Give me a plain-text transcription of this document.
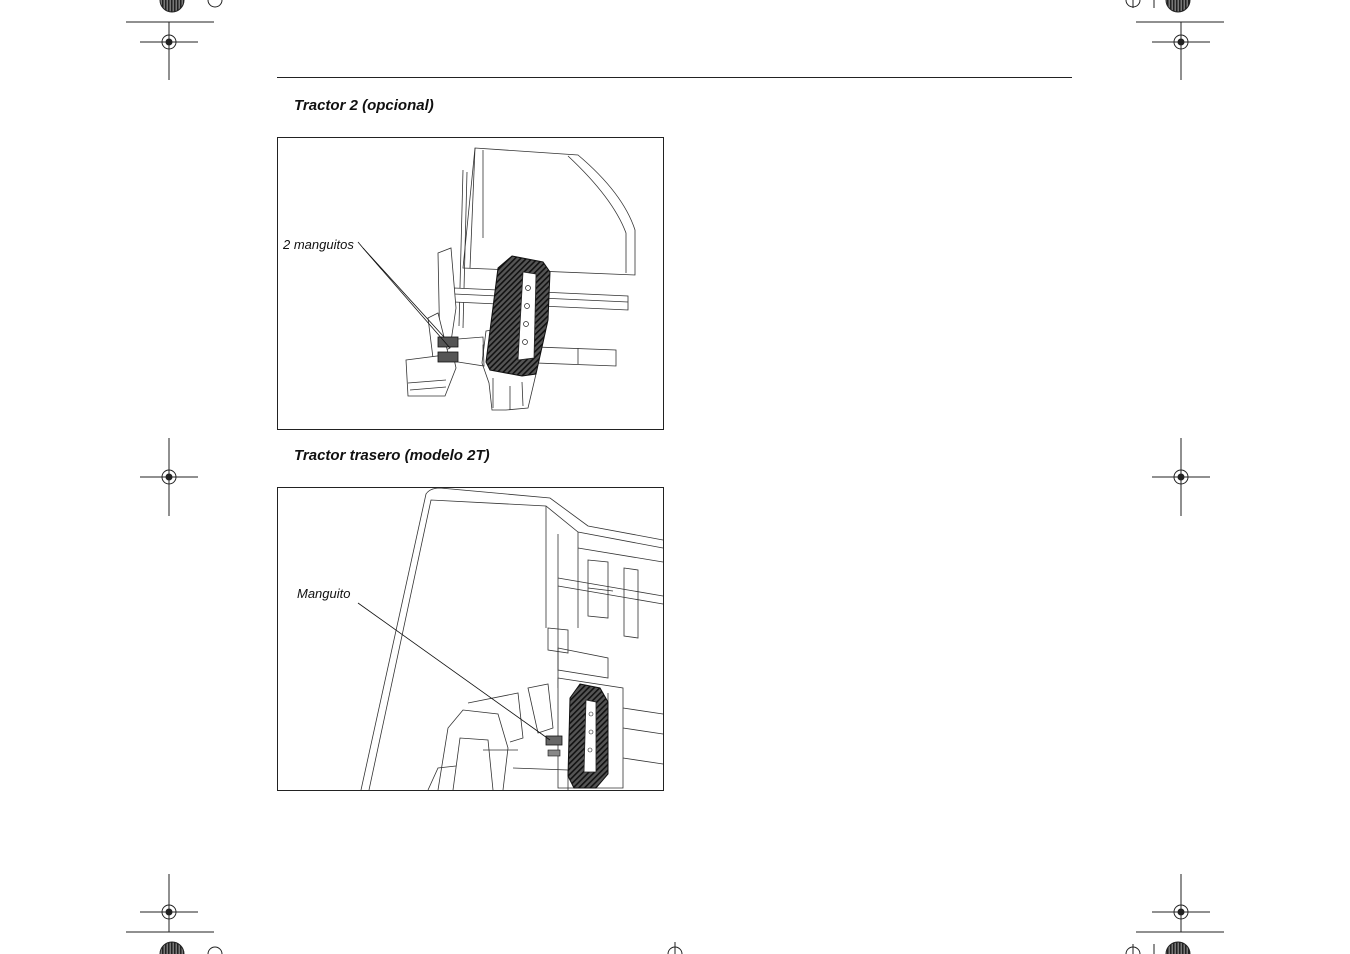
Tractor 2 (opcional)
2 manguitos
Tractor trasero (modelo 2T)
Manguito
